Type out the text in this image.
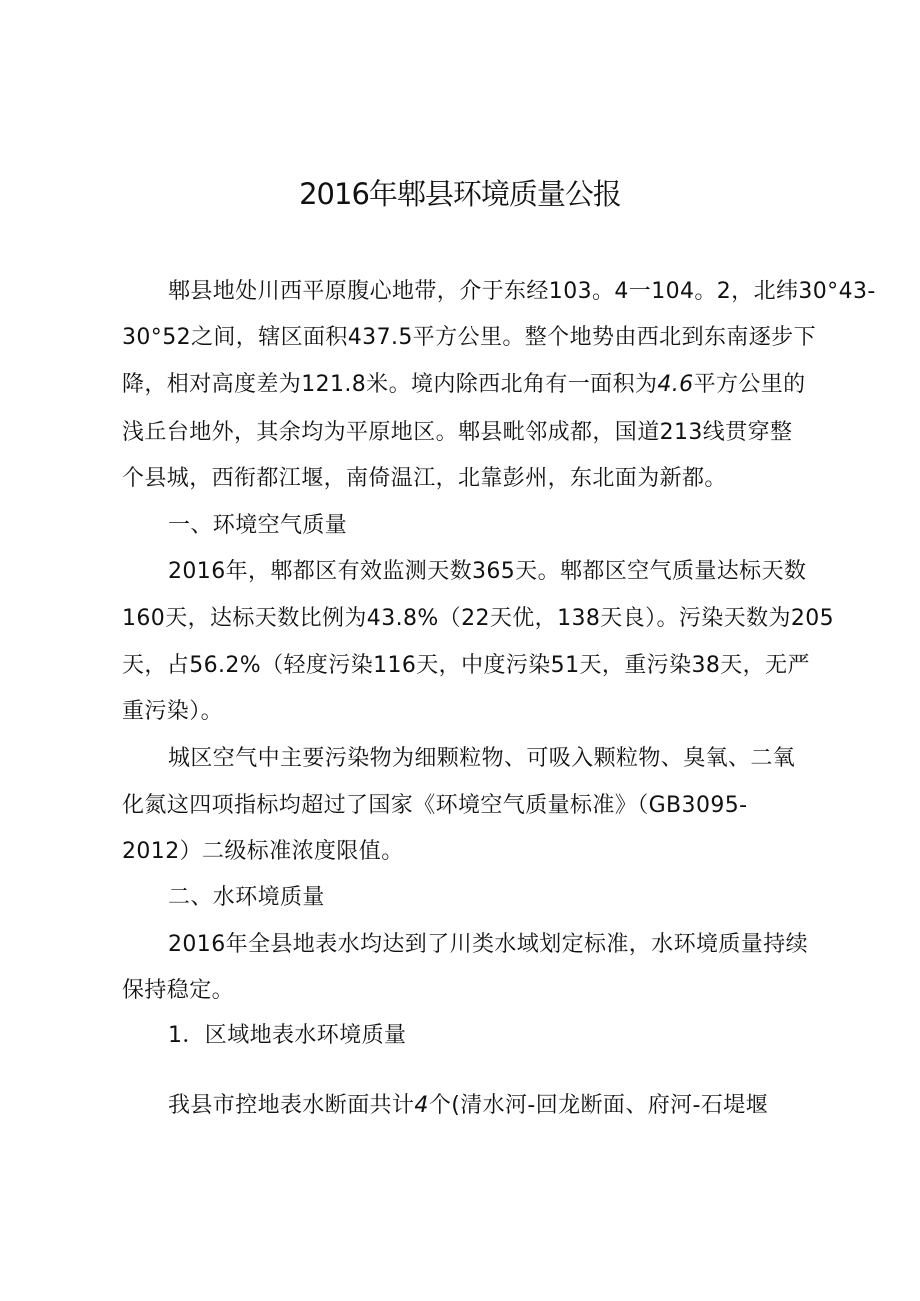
2016年郫县环境质量公报
郫县地处川西平原腹心地带，介于东经103。4一104。2，北纬30°43-
30°52之间，辖区面积437.5平方公里。整个地势由西北到东南逐步下
降，相对高度差为121.8米。境内除西北角有一面积为4.6平方公里的
浅丘台地外，其余均为平原地区。郫县毗邻成都，国道213线贯穿整
个县城，西衔都江堰，南倚温江，北靠彭州，东北面为新都。
一、环境空气质量
2016年，郫都区有效监测天数365天。郫都区空气质量达标天数
160天，达标天数比例为43.8%（22天优，138天良）。污染天数为205
天，占56.2%（轻度污染116天，中度污染51天，重污染38天，无严
重污染）。
城区空气中主要污染物为细颗粒物、可吸入颗粒物、臭氧、二氧
化氮这四项指标均超过了国家《环境空气质量标准》（GB3095-
2012）二级标准浓度限值。
二、水环境质量
2016年全县地表水均达到了川类水域划定标准，水环境质量持续
保持稳定。
1．区域地表水环境质量
我县市控地表水断面共计4个(清水河-回龙断面、府河-石堤堰
